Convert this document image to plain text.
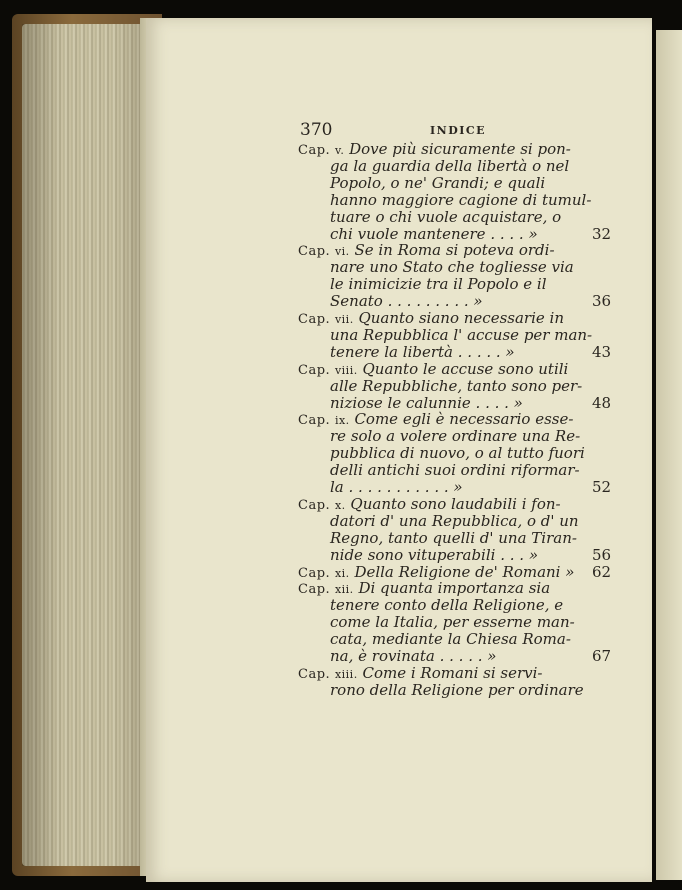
370	INDICE
Cap. v. Dove più sicuramente si pon-
ga la guardia della libertà o nel
Popolo, o ne' Grandi; e quali
hanno maggiore cagione di tumul-
tuare o chi vuole acquistare, o
chi vuole mantenere . . . . »	32
Cap. vi. Se in Roma si poteva ordi-
nare uno Stato che togliesse via
le inimicizie tra il Popolo e il
Senato . . . . . . . . . »	36
Cap. vii. Quanto siano necessarie in
una Repubblica l' accuse per man-
tenere la libertà . . . . . »	43
Cap. viii. Quanto le accuse sono utili
alle Repubbliche, tanto sono per-
niziose le calunnie . . . . »	48
Cap. ix. Come egli è necessario esse-
re solo a volere ordinare una Re-
pubblica di nuovo, o al tutto fuori
delli antichi suoi ordini riformar-
la . . . . . . . . . . . »	52
Cap. x. Quanto sono laudabili i fon-
datori d' una Repubblica, o d' un
Regno, tanto quelli d' una Tiran-
nide sono vituperabili . . . »	56
Cap. xi. Della Religione de' Romani » 62
Cap. xii. Di quanta importanza sia
tenere conto della Religione, e
come la Italia, per esserne man-
cata, mediante la Chiesa Roma-
na, è rovinata . . . . . »	67
Cap. xiii. Come i Romani si servi-
rono della Religione per ordinare
